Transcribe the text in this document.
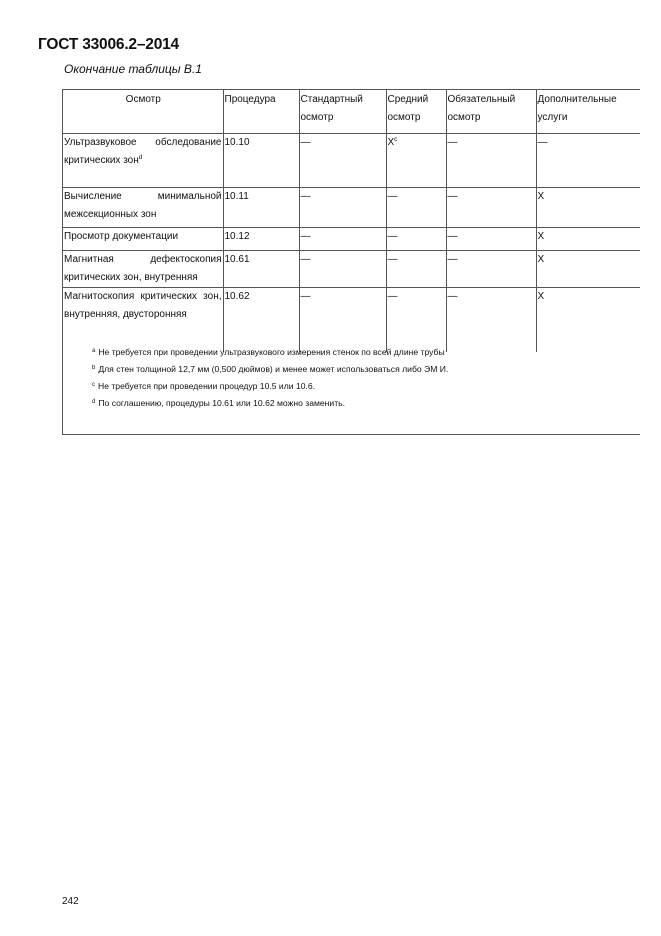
ГОСТ 33006.2–2014
Окончание таблицы В.1
Осмотр	Процедура	Стандартный осмотр	Средний осмотр	Обязательный осмотр	Дополнительные услуги
Ультразвуковое обследование критических зон$^d$	10.10	—	$X^c$	—	—
Вычисление минимальной межсекционных зон	10.11	—	—	—	X
Просмотр документации	10.12	—	—	—	X
Магнитная дефектоскопия критических зон, внутренняя	10.61	—	—	—	X
Магнитоскопия критических зон, внутренняя, двусторонняя	10.62	—	—	—	X
$^a$ Не требуется при проведении ультразвукового измерения стенок по всей длине трубы
$^b$ Для стен толщиной 12,7 мм (0,500 дюймов) и менее может использоваться либо ЭМ И.
$^c$ Не требуется при проведении процедур 10.5 или 10.6.
$^d$ По соглашению, процедуры 10.61 или 10.62 можно заменить.
242
